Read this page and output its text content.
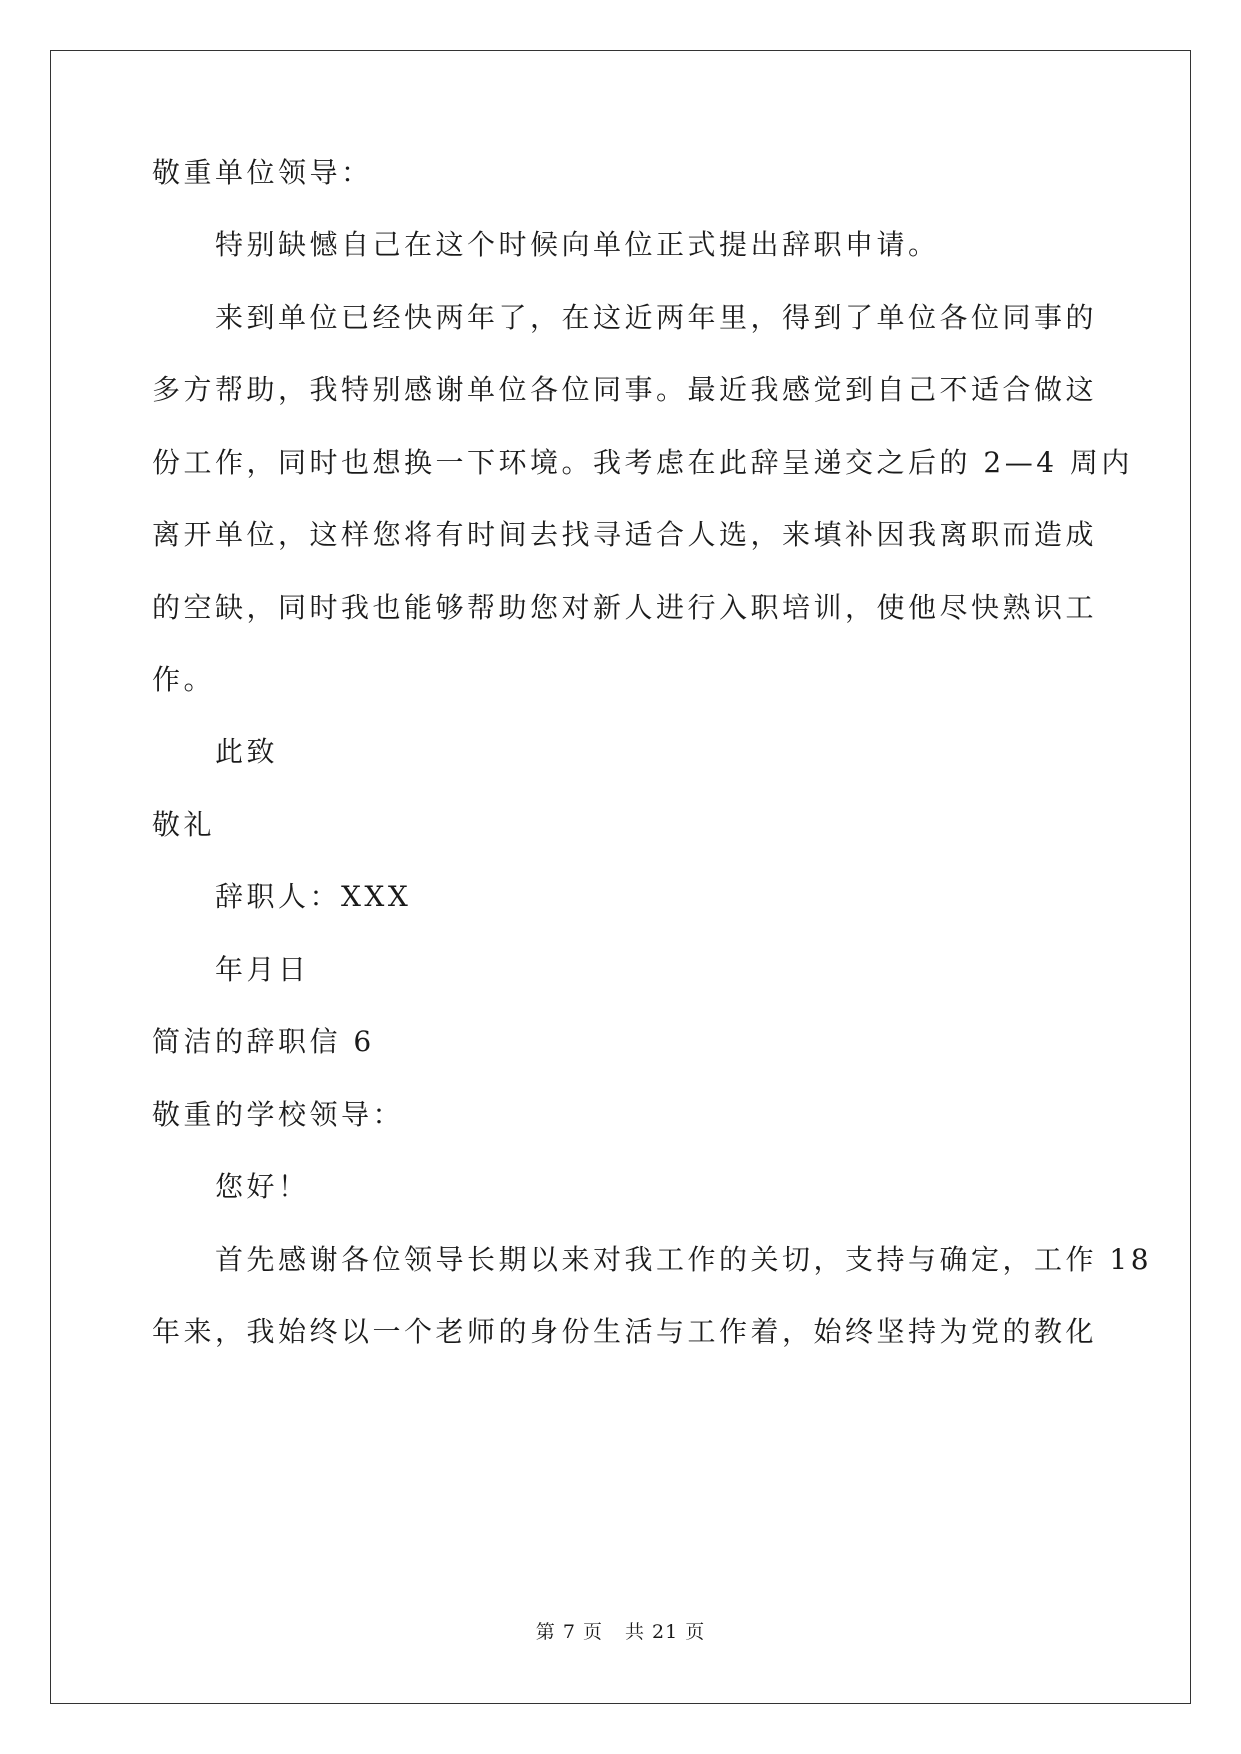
敬重单位领导：
特别缺憾自己在这个时候向单位正式提出辞职申请。
来到单位已经快两年了，在这近两年里，得到了单位各位同事的
多方帮助，我特别感谢单位各位同事。最近我感觉到自己不适合做这
份工作，同时也想换一下环境。我考虑在此辞呈递交之后的 2—4 周内
离开单位，这样您将有时间去找寻适合人选，来填补因我离职而造成
的空缺，同时我也能够帮助您对新人进行入职培训，使他尽快熟识工
作。
此致
敬礼
辞职人：XXX
年月日
简洁的辞职信 6
敬重的学校领导：
您好！
首先感谢各位领导长期以来对我工作的关切，支持与确定，工作 18
年来，我始终以一个老师的身份生活与工作着，始终坚持为党的教化
第 7 页 共 21 页
